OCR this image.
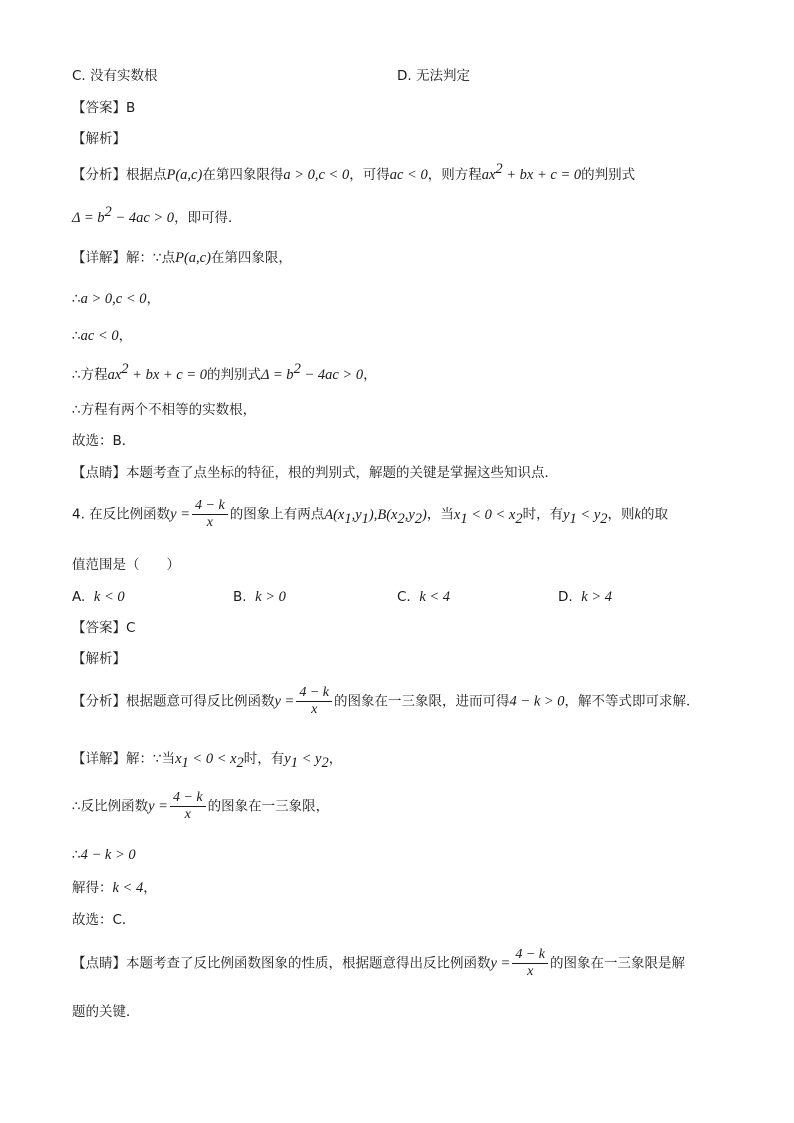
C. 没有实数根	D. 无法判定
【答案】B
【解析】
【分析】根据点P(a,c)在第四象限得a > 0,c < 0，可得ac < 0，则方程$ax^2$ + bx + c = 0的判别式
$\Delta = b^2 - 4ac > 0$，即可得．
【详解】解：∵点P(a,c)在第四象限，
∴a > 0,c < 0，
∴ac < 0，
∴方程$ax^2$ + bx + c = 0的判别式$\Delta = b^2 - 4ac > 0$，
∴方程有两个不相等的实数根，
故选：B．
【点睛】本题考查了点坐标的特征，根的判别式，解题的关键是掌握这些知识点．
4. 在反比例函数$y = \frac{4 - k}{x}$ 的图象上有两点$A(x_1,y_1),B(x_2,y_2)$，当$x_1 < 0 < x_2$时，有$y_1 < y_2$，则k的取
值范围是（　　）
A. k < 0	B. k > 0	C. k < 4	D. k > 4
【答案】C
【解析】
【分析】根据题意可得反比例函数$y = \frac{4 - k}{x}$ 的图象在一三象限，进而可得4 − k > 0，解不等式即可求解．
【详解】解：∵当$x_1 < 0 < x_2$时，有$y_1 < y_2$，
∴反比例函数$y = \frac{4 - k}{x}$ 的图象在一三象限，
∴4 − k > 0
解得：k < 4，
故选：C．
【点睛】本题考查了反比例函数图象的性质，根据题意得出反比例函数$y = \frac{4 - k}{x}$ 的图象在一三象限是解
题的关键．
